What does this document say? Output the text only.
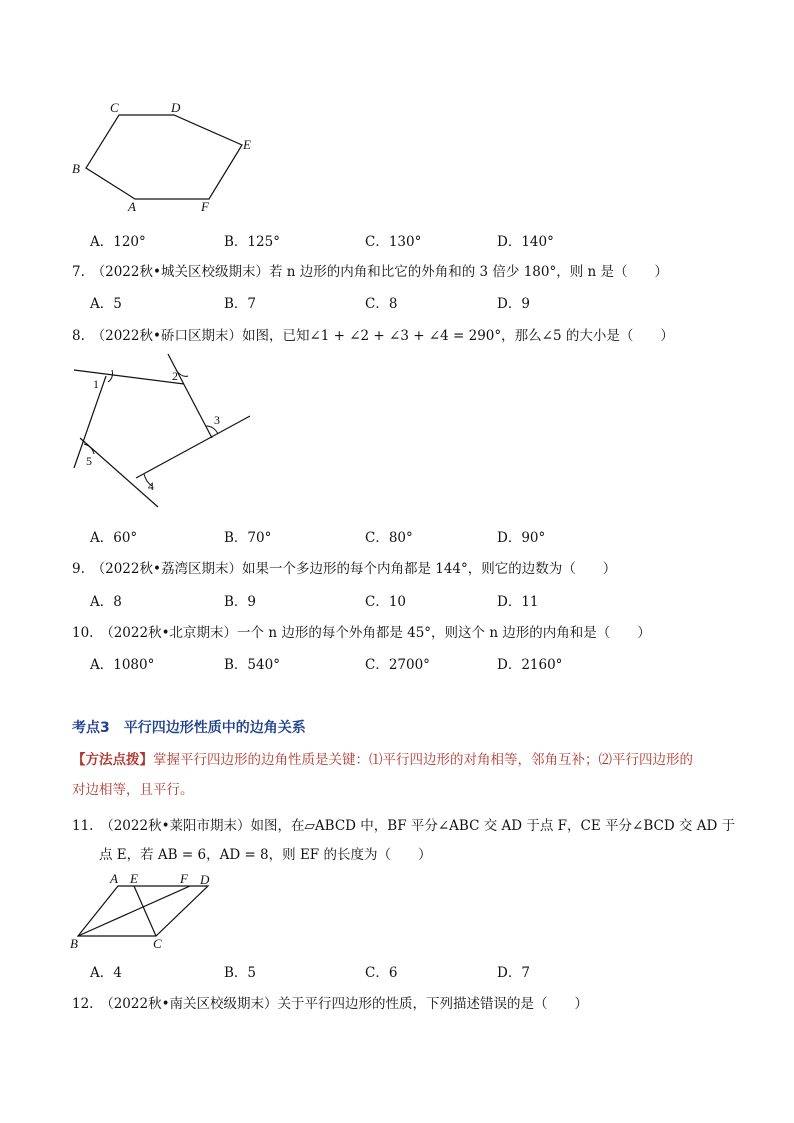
C	D
E
B
A	F
A．120°	B．125°	C．130°	D．140°
7.　（2022秋•城关区校级期末）若 n 边形的内角和比它的外角和的 3 倍少 180°，则 n 是（　　）
A．5	B．7	C．8	D．9
8.　（2022秋•硚口区期末）如图，已知∠1 + ∠2 + ∠3 + ∠4 = 290°，那么∠5 的大小是（　　）
1
2
3
4
5
A．60°	B．70°	C．80°	D．90°
9.　（2022秋•荔湾区期末）如果一个多边形的每个内角都是 144°，则它的边数为（　　）
A．8	B．9	C．10	D．11
10.　（2022秋•北京期末）一个 n 边形的每个外角都是 45°，则这个 n 边形的内角和是（　　）
A．1080°	B．540°	C．2700°	D．2160°
考点3　平行四边形性质中的边角关系
【方法点拨】掌握平行四边形的边角性质是关键：⑴平行四边形的对角相等，邻角互补；⑵平行四边形的
对边相等，且平行。
11.　（2022秋•莱阳市期末）如图，在▱ABCD 中，BF 平分∠ABC 交 AD 于点 F，CE 平分∠BCD 交 AD 于
点 E，若 AB = 6，AD = 8，则 EF 的长度为（　　）
A E	F D
B	C
A．4	B．5	C．6	D．7
12.　（2022秋•南关区校级期末）关于平行四边形的性质，下列描述错误的是（　　）
